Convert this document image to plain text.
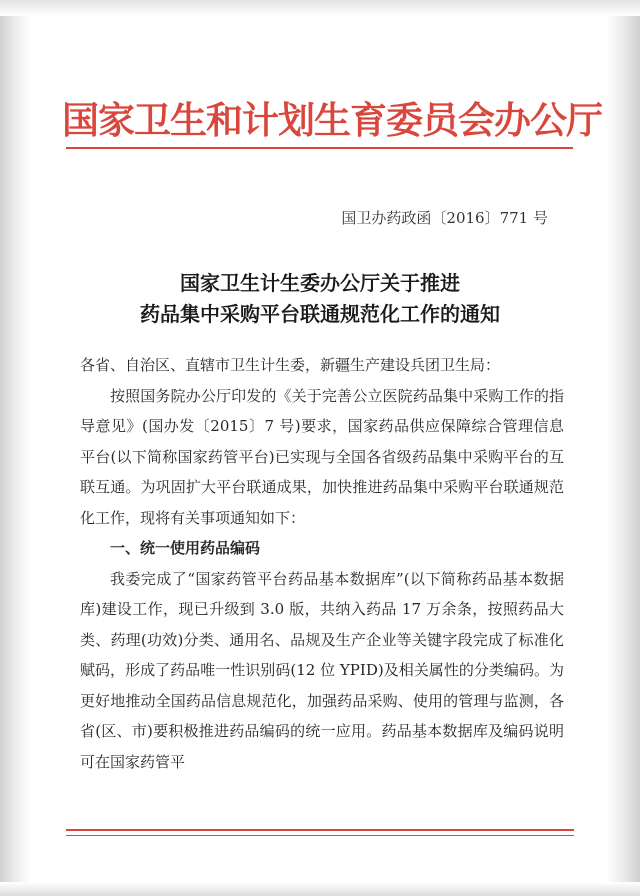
国家卫生和计划生育委员会办公厅
国卫办药政函〔2016〕771 号
国家卫生计生委办公厅关于推进
药品集中采购平台联通规范化工作的通知

各省、自治区、直辖市卫生计生委，新疆生产建设兵团卫生局：

按照国务院办公厅印发的《关于完善公立医院药品集中采购工作的指导意见》(国办发〔2015〕7 号)要求，国家药品供应保障综合管理信息平台(以下简称国家药管平台)已实现与全国各省级药品集中采购平台的互联互通。为巩固扩大平台联通成果，加快推进药品集中采购平台联通规范化工作，现将有关事项通知如下：

一、统一使用药品编码

我委完成了“国家药管平台药品基本数据库”(以下简称药品基本数据库)建设工作，现已升级到 3.0 版，共纳入药品 17 万余条，按照药品大类、药理(功效)分类、通用名、品规及生产企业等关键字段完成了标准化赋码，形成了药品唯一性识别码(12 位 YPID)及相关属性的分类编码。为更好地推动全国药品信息规范化，加强药品采购、使用的管理与监测，各省(区、市)要积极推进药品编码的统一应用。药品基本数据库及编码说明可在国家药管平
